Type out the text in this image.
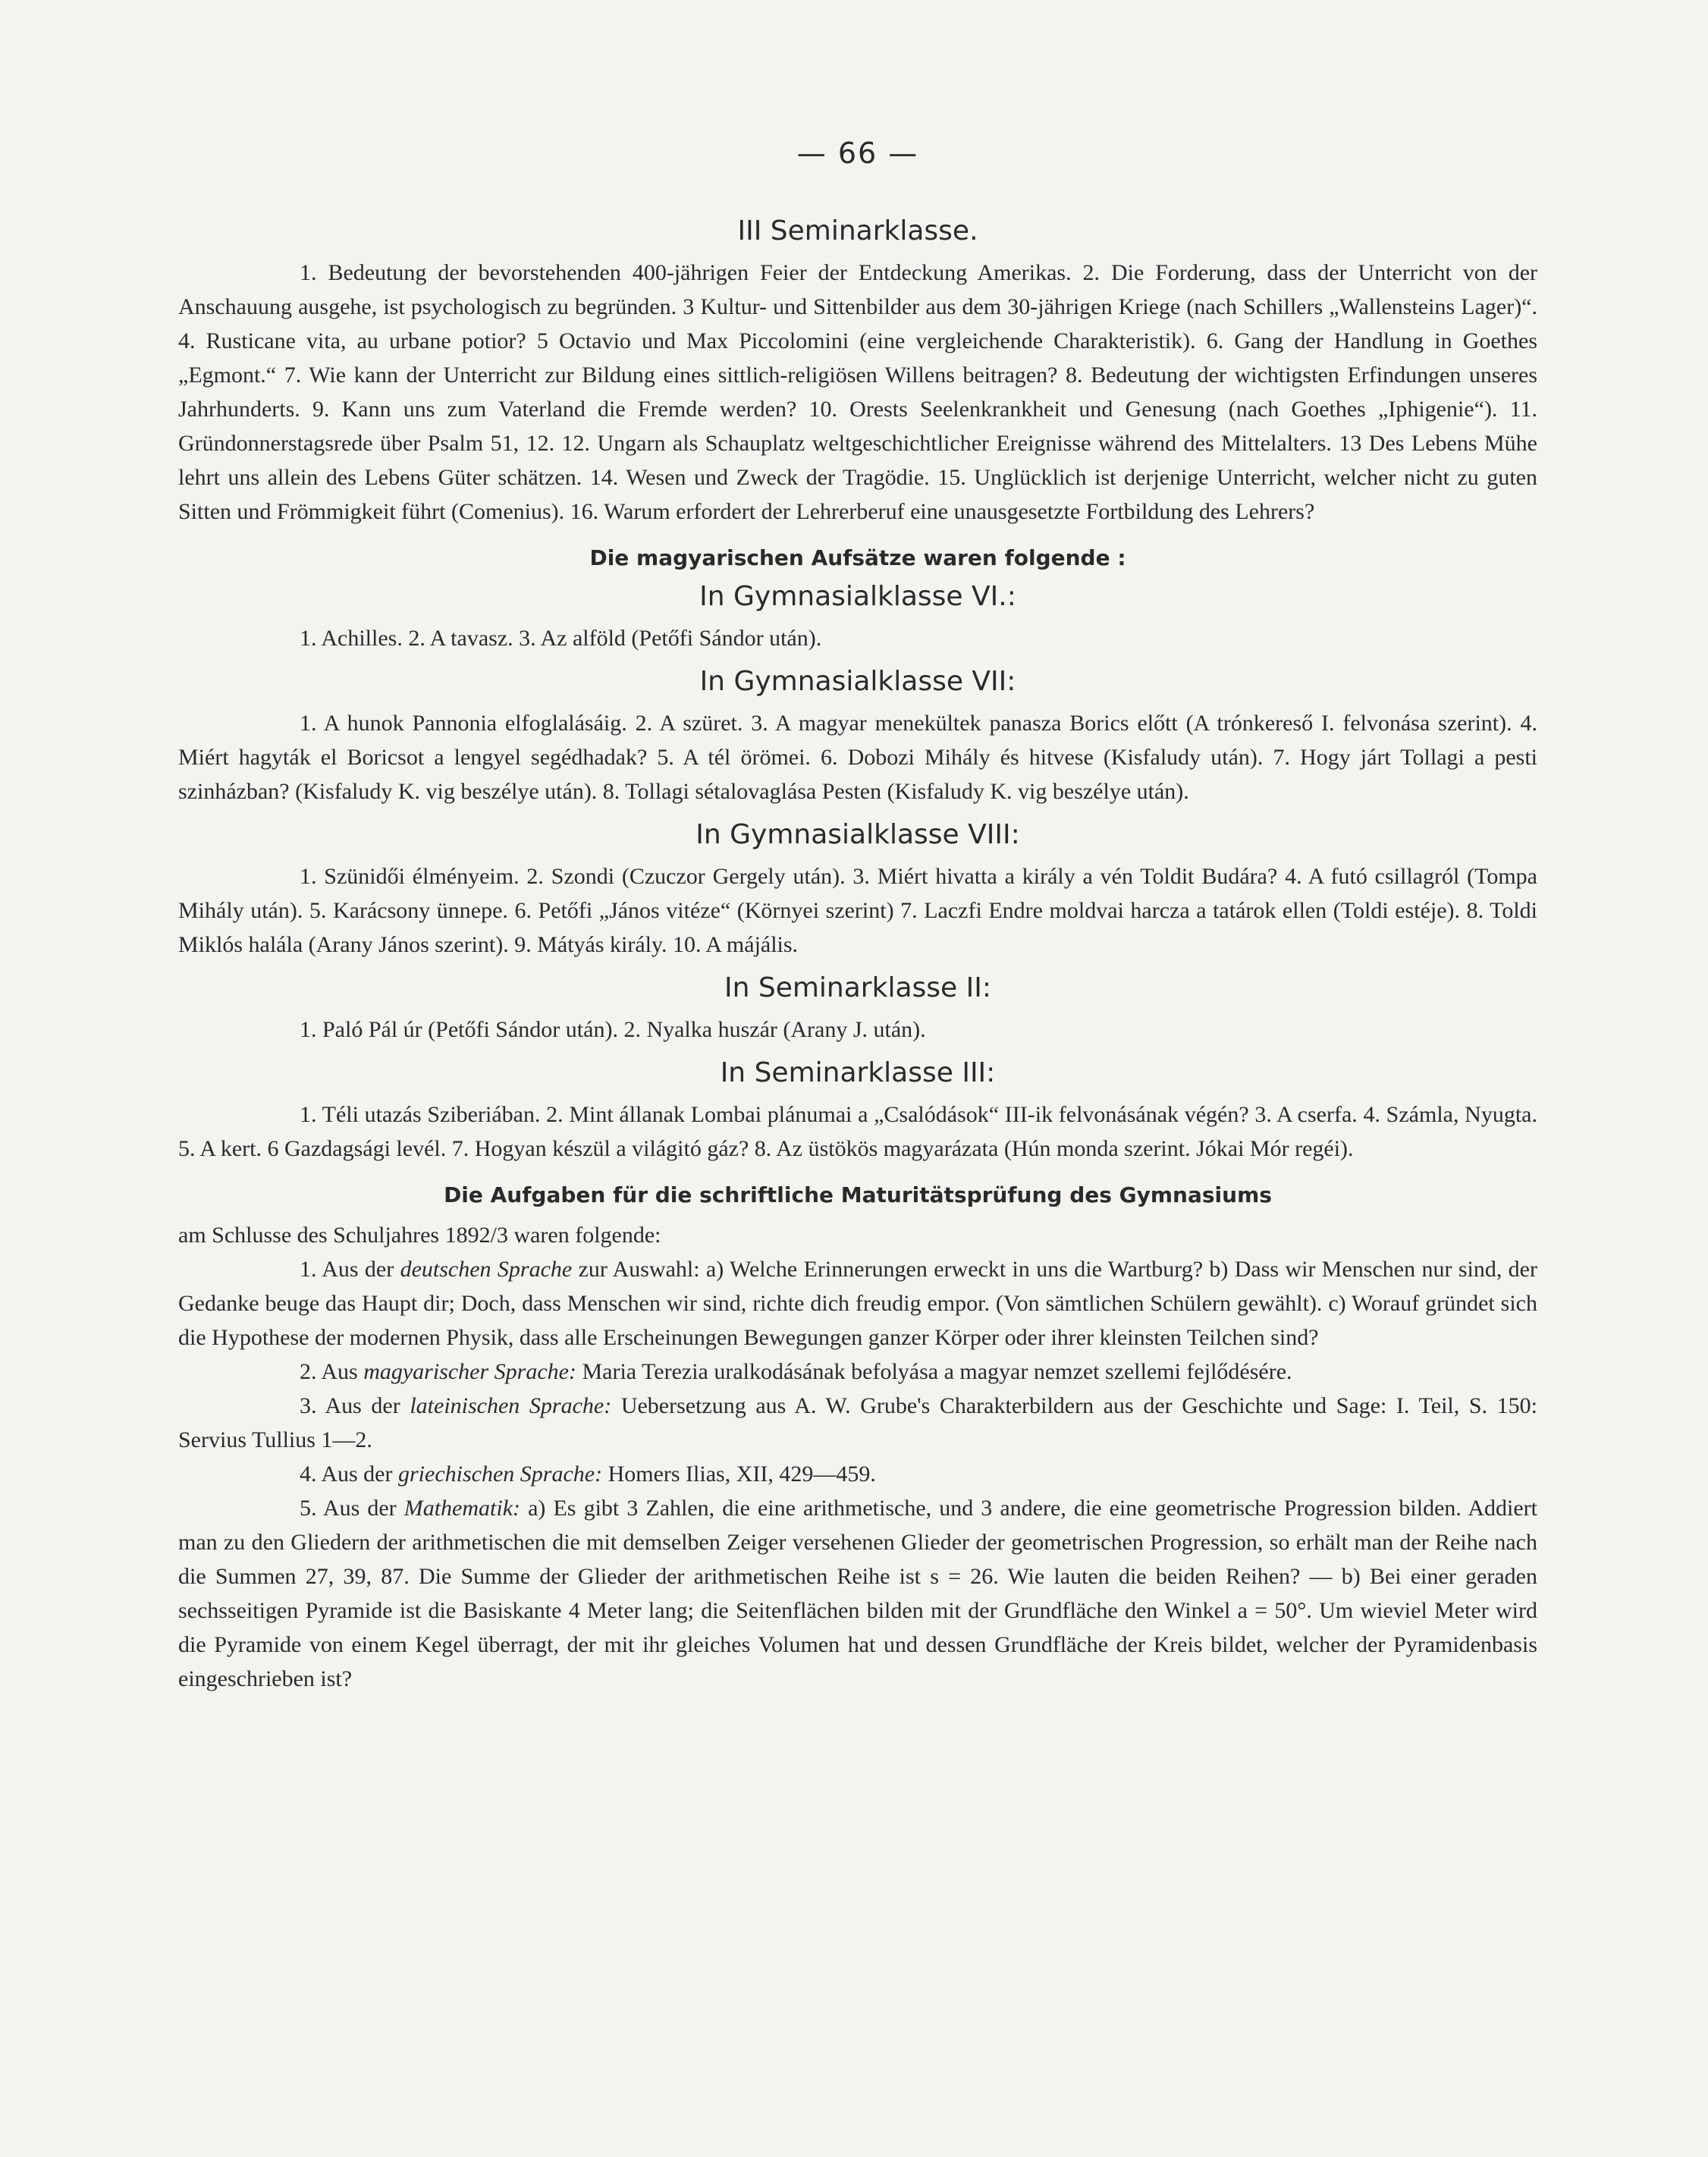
— 66 —
III Seminarklasse.

1. Bedeutung der bevorstehenden 400-jährigen Feier der Entdeckung Amerikas. 2. Die Forderung, dass der Unterricht von der Anschauung ausgehe, ist psychologisch zu begründen. 3 Kultur- und Sittenbilder aus dem 30-jährigen Kriege (nach Schillers „Wallensteins Lager)“. 4. Rusticane vita, au urbane potior? 5 Octavio und Max Piccolomini (eine vergleichende Charakteristik). 6. Gang der Handlung in Goethes „Egmont.“ 7. Wie kann der Unterricht zur Bildung eines sittlich-religiösen Willens beitragen? 8. Bedeutung der wichtigsten Erfindungen unseres Jahrhunderts. 9. Kann uns zum Vaterland die Fremde werden? 10. Orests Seelenkrankheit und Genesung (nach Goethes „Iphigenie“). 11. Gründonnerstagsrede über Psalm 51, 12. 12. Ungarn als Schauplatz weltgeschichtlicher Ereignisse während des Mittelalters. 13 Des Lebens Mühe lehrt uns allein des Lebens Güter schätzen. 14. Wesen und Zweck der Tragödie. 15. Unglücklich ist derjenige Unterricht, welcher nicht zu guten Sitten und Frömmigkeit führt (Comenius). 16. Warum erfordert der Lehrerberuf eine unausgesetzte Fortbildung des Lehrers?

Die magyarischen Aufsätze waren folgende :
In Gymnasialklasse VI.:

1. Achilles. 2. A tavasz. 3. Az alföld (Petőfi Sándor után).

In Gymnasialklasse VII:

1. A hunok Pannonia elfoglalásáig. 2. A szüret. 3. A magyar menekültek panasza Borics előtt (A trónkereső I. felvonása szerint). 4. Miért hagyták el Boricsot a lengyel segédhadak? 5. A tél örömei. 6. Dobozi Mihály és hitvese (Kisfaludy után). 7. Hogy járt Tollagi a pesti szinházban? (Kisfaludy K. vig beszélye után). 8. Tollagi sétalovaglása Pesten (Kisfaludy K. vig beszélye után).

In Gymnasialklasse VIII:

1. Szünidői élményeim. 2. Szondi (Czuczor Gergely után). 3. Miért hivatta a király a vén Toldit Budára? 4. A futó csillagról (Tompa Mihály után). 5. Karácsony ünnepe. 6. Petőfi „János vitéze“ (Környei szerint) 7. Laczfi Endre moldvai harcza a tatárok ellen (Toldi estéje). 8. Toldi Miklós halála (Arany János szerint). 9. Mátyás király. 10. A májális.

In Seminarklasse II:

1. Paló Pál úr (Petőfi Sándor után). 2. Nyalka huszár (Arany J. után).

In Seminarklasse III:

1. Téli utazás Sziberiában. 2. Mint állanak Lombai plánumai a „Csalódások“ III-ik felvonásának végén? 3. A cserfa. 4. Számla, Nyugta. 5. A kert. 6 Gazdagsági levél. 7. Hogyan készül a világitó gáz? 8. Az üstökös magyarázata (Hún monda szerint. Jókai Mór regéi).

Die Aufgaben für die schriftliche Maturitätsprüfung des Gymnasiums

am Schlusse des Schuljahres 1892/3 waren folgende:

1. Aus der deutschen Sprache zur Auswahl: a) Welche Erinnerungen erweckt in uns die Wartburg? b) Dass wir Menschen nur sind, der Gedanke beuge das Haupt dir; Doch, dass Menschen wir sind, richte dich freudig empor. (Von sämtlichen Schülern gewählt). c) Worauf gründet sich die Hypothese der modernen Physik, dass alle Erscheinungen Bewegungen ganzer Körper oder ihrer kleinsten Teilchen sind?

2. Aus magyarischer Sprache: Maria Terezia uralkodásának befolyása a magyar nemzet szellemi fejlődésére.

3. Aus der lateinischen Sprache: Uebersetzung aus A. W. Grube's Charakterbildern aus der Geschichte und Sage: I. Teil, S. 150: Servius Tullius 1—2.

4. Aus der griechischen Sprache: Homers Ilias, XII, 429—459.

5. Aus der Mathematik: a) Es gibt 3 Zahlen, die eine arithmetische, und 3 andere, die eine geometrische Progression bilden. Addiert man zu den Gliedern der arithmetischen die mit demselben Zeiger versehenen Glieder der geometrischen Progression, so erhält man der Reihe nach die Summen 27, 39, 87. Die Summe der Glieder der arithmetischen Reihe ist s = 26. Wie lauten die beiden Reihen? — b) Bei einer geraden sechsseitigen Pyramide ist die Basiskante 4 Meter lang; die Seitenflächen bilden mit der Grundfläche den Winkel a = 50°. Um wieviel Meter wird die Pyramide von einem Kegel überragt, der mit ihr gleiches Volumen hat und dessen Grundfläche der Kreis bildet, welcher der Pyramidenbasis eingeschrieben ist?
